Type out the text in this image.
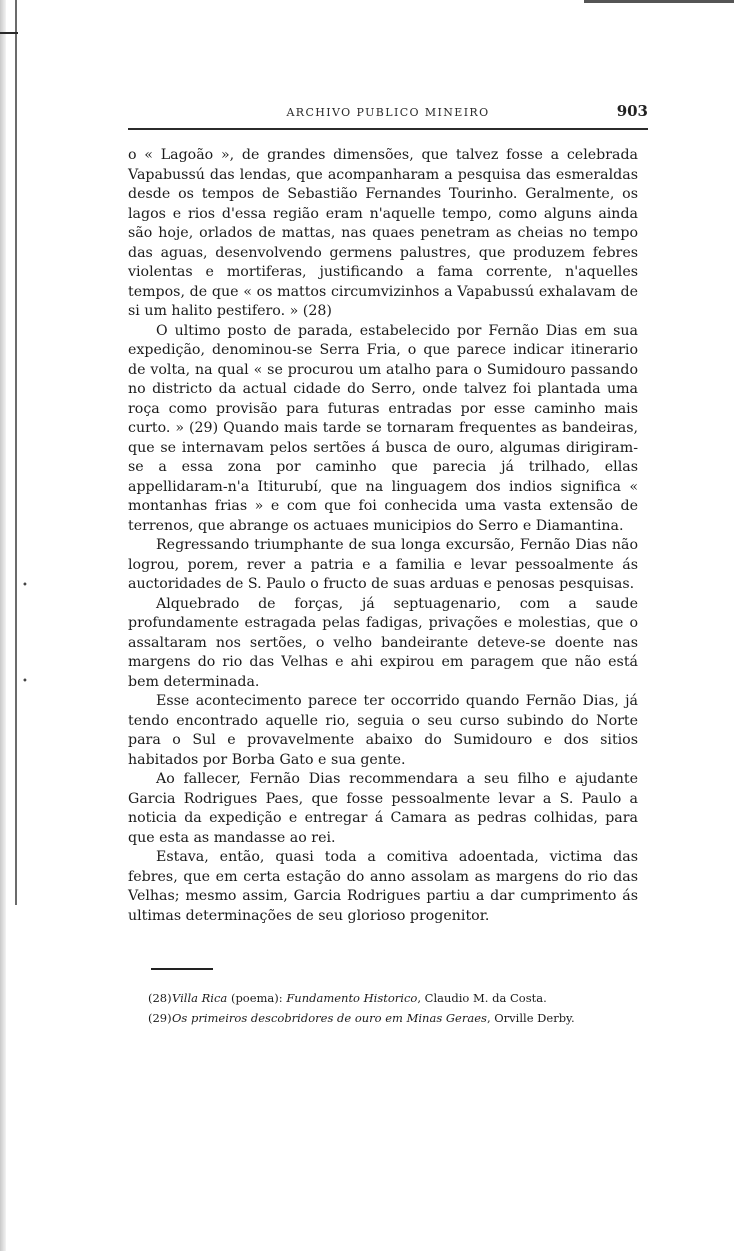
ARCHIVO PUBLICO MINEIRO	903

o « Lagoão », de grandes dimensões, que talvez fosse a celebrada Vapabussú das lendas, que acompanharam a pesquisa das esmeraldas desde os tempos de Sebastião Fernandes Tourinho. Geralmente, os lagos e rios d'essa região eram n'aquelle tempo, como alguns ainda são hoje, orlados de mattas, nas quaes penetram as cheias no tempo das aguas, desenvolvendo germens palustres, que produzem febres violentas e mortiferas, justificando a fama corrente, n'aquelles tempos, de que « os mattos circumvizinhos a Vapabussú exhalavam de si um halito pestifero. » (28)

O ultimo posto de parada, estabelecido por Fernão Dias em sua expedição, denominou-se Serra Fria, o que parece indicar itinerario de volta, na qual « se procurou um atalho para o Sumidouro passando no districto da actual cidade do Serro, onde talvez foi plantada uma roça como provisão para futuras entradas por esse caminho mais curto. » (29) Quando mais tarde se tornaram frequentes as bandeiras, que se internavam pelos sertões á busca de ouro, algumas dirigiram-se a essa zona por caminho que parecia já trilhado, ellas appellidaram-n'a Ititurubí, que na linguagem dos indios significa « montanhas frias » e com que foi conhecida uma vasta extensão de terrenos, que abrange os actuaes municipios do Serro e Diamantina.

Regressando triumphante de sua longa excursão, Fernão Dias não logrou, porem, rever a patria e a familia e levar pessoalmente ás auctoridades de S. Paulo o fructo de suas arduas e penosas pesquisas.

Alquebrado de forças, já septuagenario, com a saude profundamente estragada pelas fadigas, privações e molestias, que o assaltaram nos sertões, o velho bandeirante deteve-se doente nas margens do rio das Velhas e ahi expirou em paragem que não está bem determinada.

Esse acontecimento parece ter occorrido quando Fernão Dias, já tendo encontrado aquelle rio, seguia o seu curso subindo do Norte para o Sul e provavelmente abaixo do Sumidouro e dos sitios habitados por Borba Gato e sua gente.

Ao fallecer, Fernão Dias recommendara a seu filho e ajudante Garcia Rodrigues Paes, que fosse pessoalmente levar a S. Paulo a noticia da expedição e entregar á Camara as pedras colhidas, para que esta as mandasse ao rei.

Estava, então, quasi toda a comitiva adoentada, victima das febres, que em certa estação do anno assolam as margens do rio das Velhas; mesmo assim, Garcia Rodrigues partiu a dar cumprimento ás ultimas determinações de seu glorioso progenitor.

•
•
(28)Villa Rica (poema): Fundamento Historico, Claudio M. da Costa.
(29)Os primeiros descobridores de ouro em Minas Geraes, Orville Derby.
